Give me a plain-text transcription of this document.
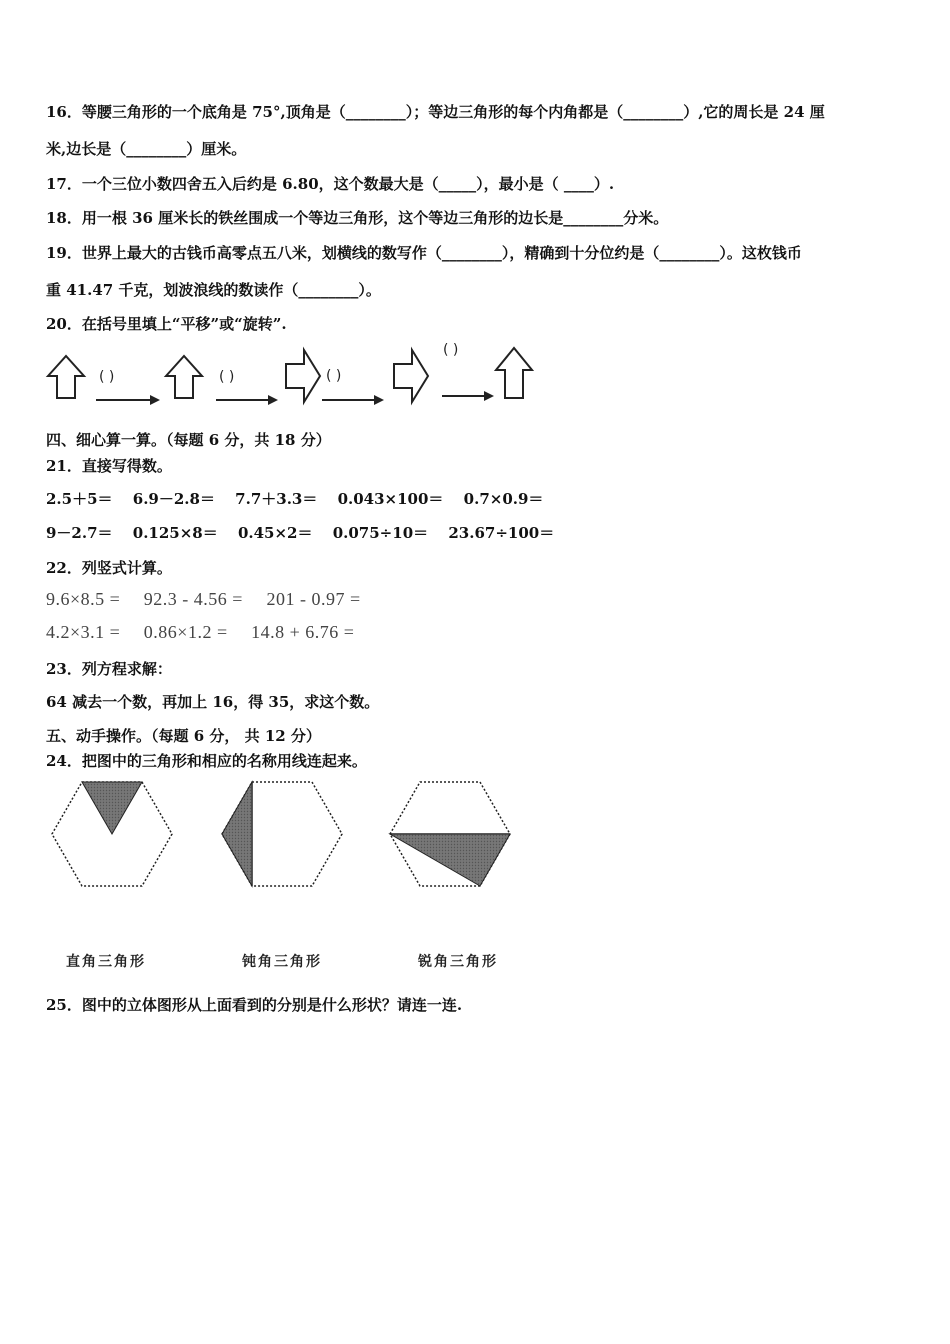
16．等腰三角形的一个底角是 75°,顶角是（________）；等边三角形的每个内角都是（________）,它的周长是 24 厘
米,边长是（________）厘米。
17．一个三位小数四舍五入后约是 6.80，这个数最大是（_____），最小是（ ____）.
18．用一根 36 厘米长的铁丝围成一个等边三角形，这个等边三角形的边长是________分米。
19．世界上最大的古钱币高零点五八米，划横线的数写作（________），精确到十分位约是（________）。这枚钱币
重 41.47 千克，划波浪线的数读作（________）。
20．在括号里填上“平移”或“旋转”.
( )	( )	( )
( )
四、细心算一算。（每题 6 分，共 18 分）
21．直接写得数。
2.5＋5＝　 6.9－2.8＝　 7.7＋3.3＝　 0.043×100＝　 0.7×0.9＝
9－2.7＝　 0.125×8＝　 0.45×2＝　 0.075÷10＝　 23.67÷100＝
22．列竖式计算。
9.6×8.5 =　 92.3 - 4.56 =　 201 - 0.97 =
4.2×3.1 =　 0.86×1.2 =　 14.8 + 6.76 =
23．列方程求解：
64 减去一个数，再加上 16，得 35，求这个数。
五、动手操作。（每题 6 分， 共 12 分）
24．把图中的三角形和相应的名称用线连起来。
直角三角形	钝角三角形	锐角三角形
25．图中的立体图形从上面看到的分别是什么形状？请连一连.
